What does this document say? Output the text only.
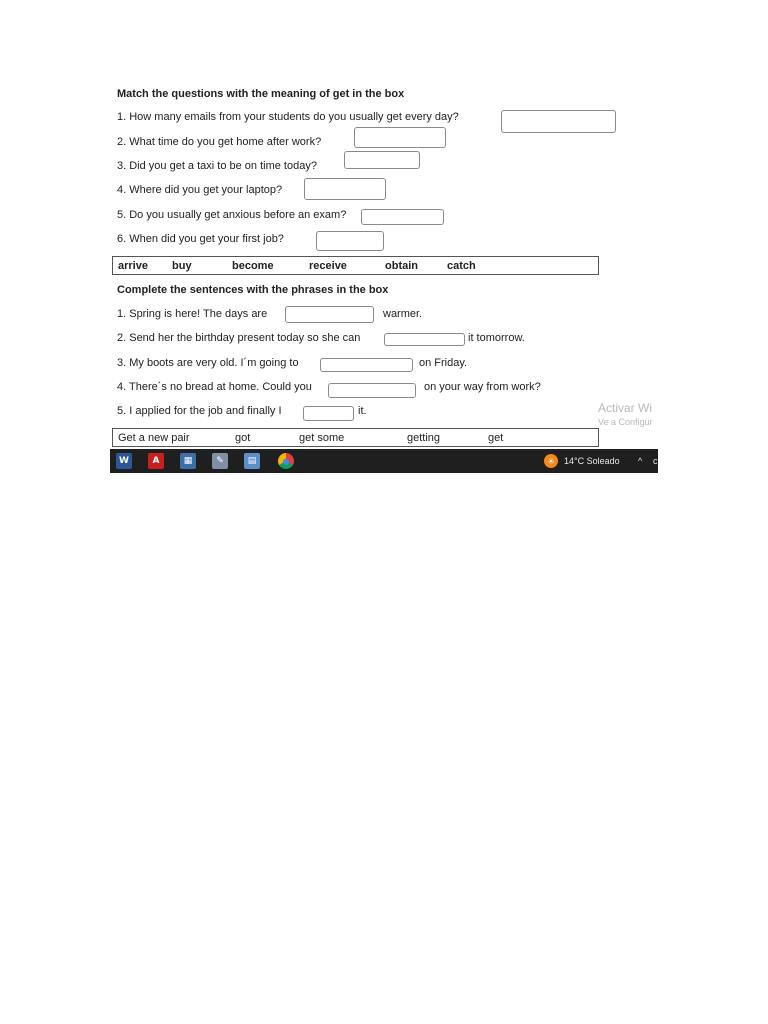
Match the questions with the meaning of get in the box
1. How many emails from your students do you usually get every day?
2. What time do you get home after work?
3. Did you get a taxi to be on time today?
4. Where did you get your laptop?
5. Do you usually get anxious before an exam?
6. When did you get your first job?
arrive buy	become	receive	obtain	catch
Complete the sentences with the phrases in the box
1. Spring is here! The days are	warmer.
2. Send her the birthday present today so she can	it tomorrow.
3. My boots are very old. I´m going to	on Friday.
4. There´s no bread at home. Could you	on your way from work?
5. I applied for the job and finally I	it.
Get a new pair	got	get some	getting	get
Activar Wi
Ve a Configur
W	A	▦	✎	▤	●	☀	14°C Soleado ^ c
